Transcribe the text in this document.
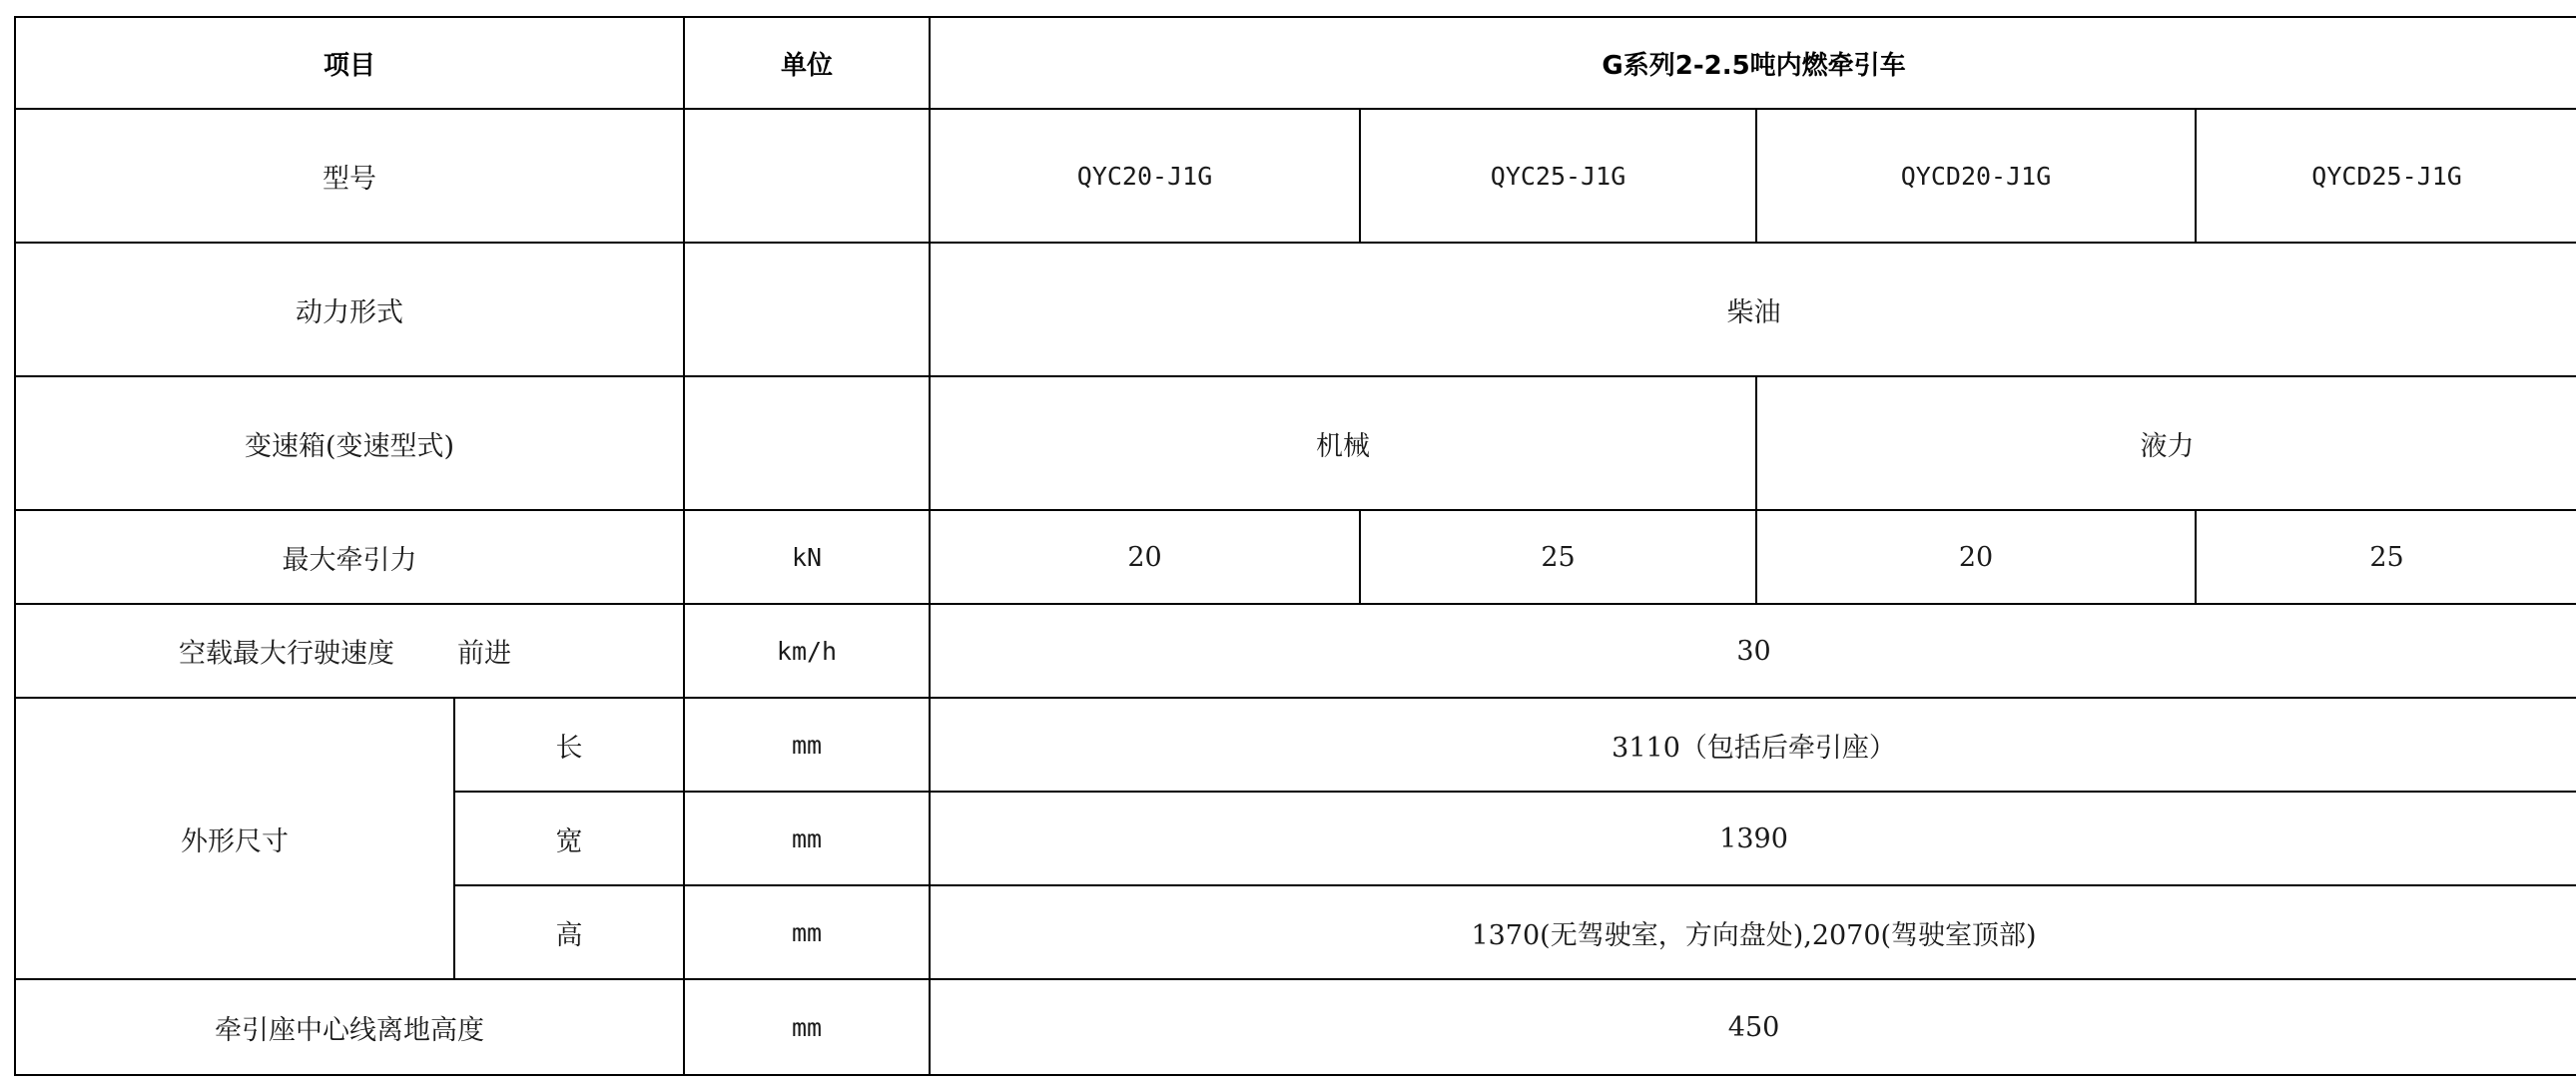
项目		单位	G系列2-2.5吨内燃牵引车			
型号			QYC20-J1G	QYC25-J1G	QYCD20-J1G	QYCD25-J1G
动力形式			柴油			
变速箱(变速型式)			机械		液力	
最大牵引力		kN	20	25	20	25

空载最大行驶速度 前进		km/h	30			
外形尺寸	长	mm	3110（包括后牵引座）			
	宽	mm	1390			
	高	mm	1370(无驾驶室，方向盘处),2070(驾驶室顶部)			
牵引座中心线离地高度		mm	450			
